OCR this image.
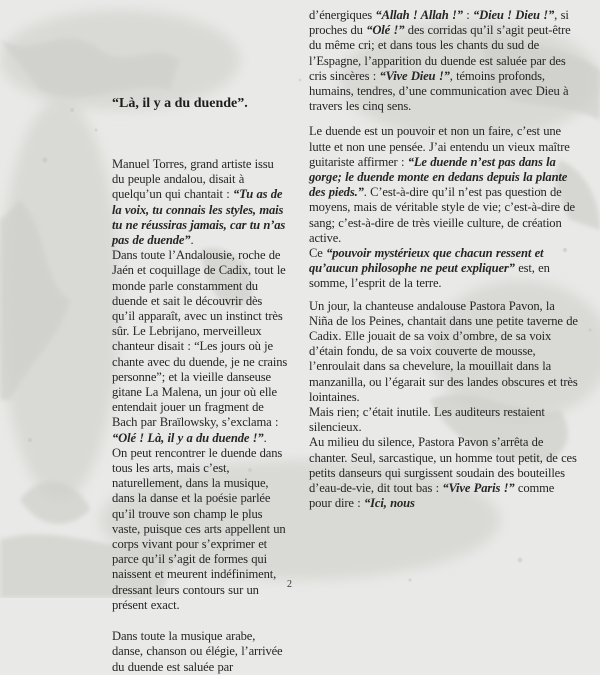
“Là, il y a du duende”.

Manuel Torres, grand artiste issu du peuple andalou, disait à quelqu’un qui chantait : “Tu as de la voix, tu connais les styles, mais tu ne réussiras jamais, car tu n’as pas de duende”.

Dans toute l’Andalousie, roche de Jaén et coquillage de Cadix, tout le monde parle constamment du duende et sait le découvrir dès qu’il apparaît, avec un instinct très sûr. Le Lebrijano, merveilleux chanteur disait : “Les jours où je chante avec du duende, je ne crains personne”; et la vieille danseuse gitane La Malena, un jour où elle entendait jouer un fragment de Bach par Braïlowsky, s’exclama : “Olé ! Là, il y a du duende !”.

On peut rencontrer le duende dans tous les arts, mais c’est, naturellement, dans la musique, dans la danse et la poésie parlée qu’il trouve son champ le plus vaste, puisque ces arts appellent un corps vivant pour s’exprimer et parce qu’il s’agit de formes qui naissent et meurent indéfiniment, dressant leurs contours sur un présent exact.

Dans toute la musique arabe, danse, chanson ou élégie, l’arrivée du duende est saluée par

d’énergiques “Allah ! Allah !” : “Dieu ! Dieu !”, si proches du “Olé !” des corridas qu’il s’agit peut-être du même cri; et dans tous les chants du sud de l’Espagne, l’apparition du duende est saluée par des cris sincères : “Vive Dieu !”, témoins profonds, humains, tendres, d’une communication avec Dieu à travers les cinq sens.

Le duende est un pouvoir et non un faire, c’est une lutte et non une pensée. J’ai entendu un vieux maître guitariste affirmer : “Le duende n’est pas dans la gorge; le duende monte en dedans depuis la plante des pieds.”. C’est-à-dire qu’il n’est pas question de moyens, mais de véritable style de vie; c’est-à-dire de sang; c’est-à-dire de très vieille culture, de création active.

Ce “pouvoir mystérieux que chacun ressent et qu’aucun philosophe ne peut expliquer” est, en somme, l’esprit de la terre.

Un jour, la chanteuse andalouse Pastora Pavon, la Niña de los Peines, chantait dans une petite taverne de Cadix. Elle jouait de sa voix d’ombre, de sa voix d’étain fondu, de sa voix couverte de mousse, l’enroulait dans sa chevelure, la mouillait dans la manzanilla, ou l’égarait sur des landes obscures et très lointaines.

Mais rien; c’était inutile. Les auditeurs restaient silencieux.

Au milieu du silence, Pastora Pavon s’arrêta de chanter. Seul, sarcastique, un homme tout petit, de ces petits danseurs qui surgissent soudain des bouteilles d’eau-de-vie, dit tout bas : “Vive Paris !” comme pour dire : “Ici, nous

2
